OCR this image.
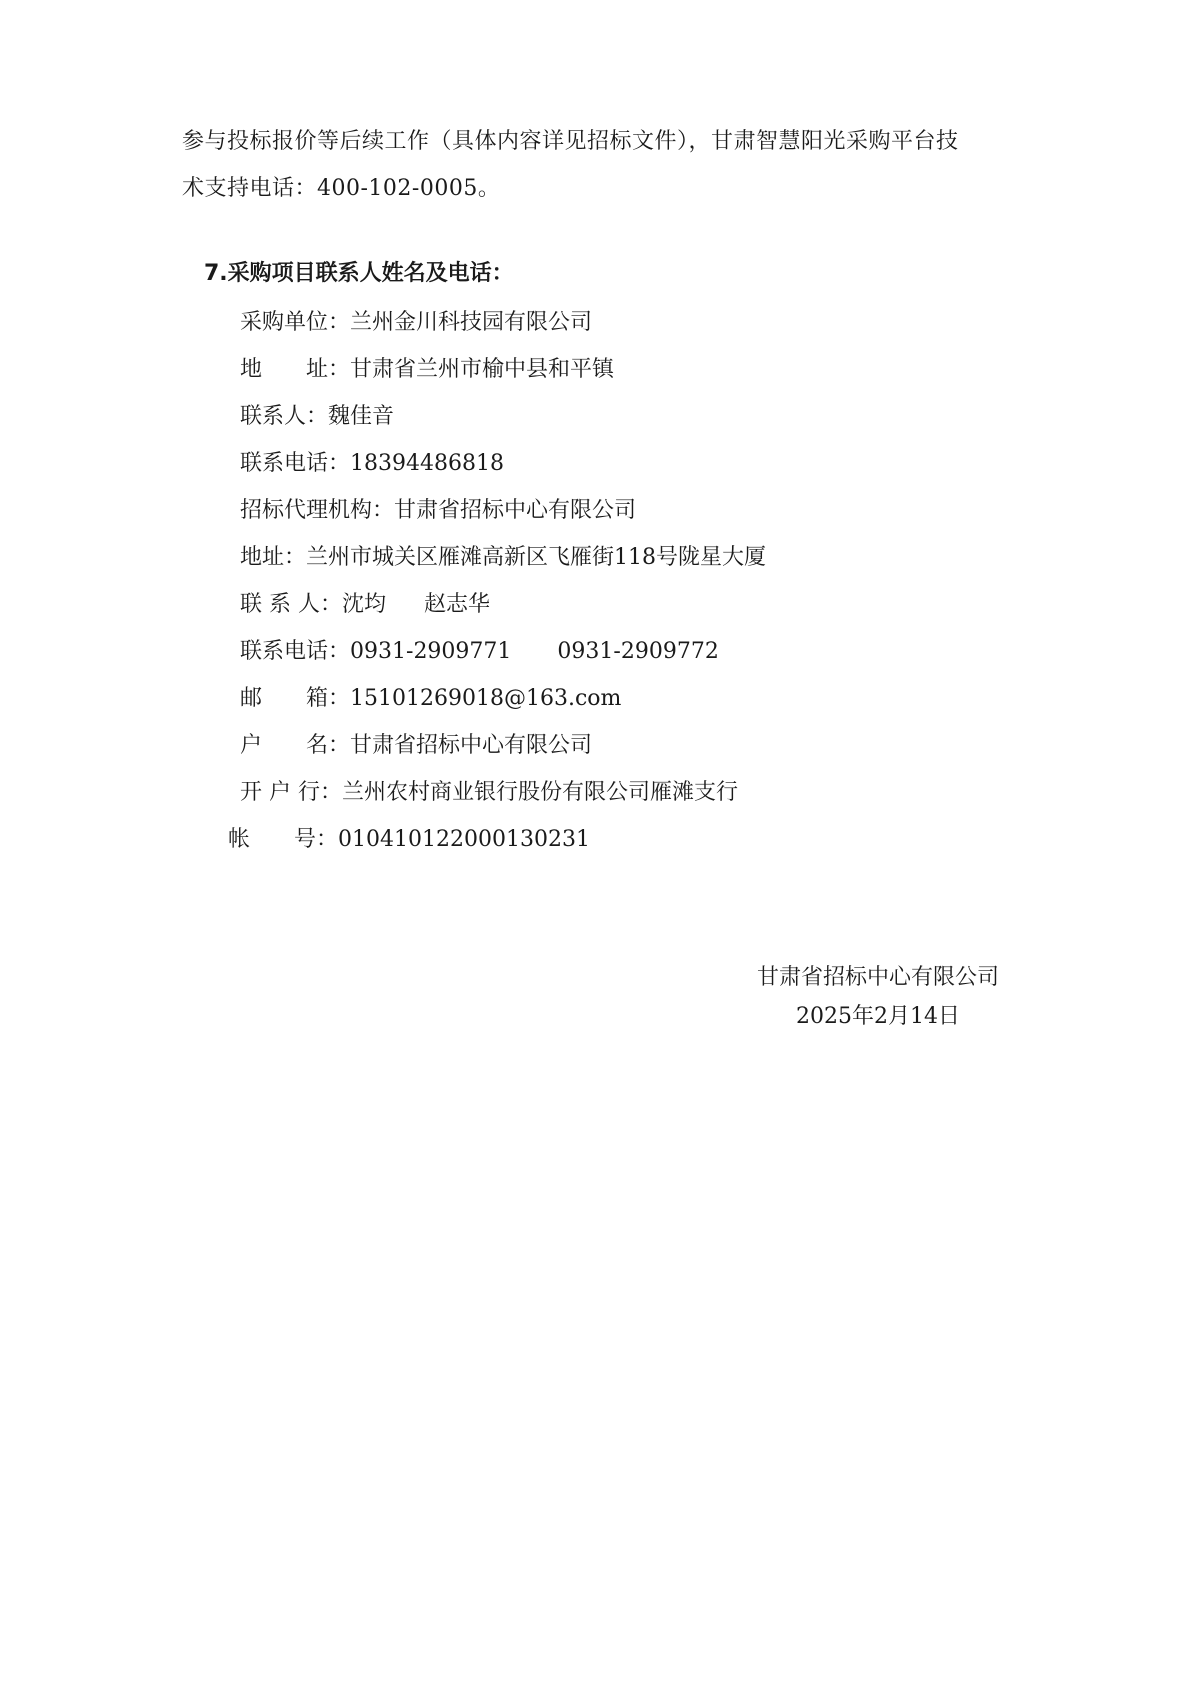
参与投标报价等后续工作（具体内容详见招标文件），甘肃智慧阳光采购平台技
术支持电话：400-102-0005。
7.采购项目联系人姓名及电话：
采购单位：兰州金川科技园有限公司
地　　址：甘肃省兰州市榆中县和平镇
联系人：魏佳音
联系电话：18394486818
招标代理机构：甘肃省招标中心有限公司
地址：兰州市城关区雁滩高新区飞雁街118号陇星大厦
联 系 人：沈均 赵志华
联系电话：0931-2909771 0931-2909772
邮　　箱：15101269018@163.com
户　　名：甘肃省招标中心有限公司
开 户 行：兰州农村商业银行股份有限公司雁滩支行
帐　　号：010410122000130231
甘肃省招标中心有限公司
2025年2月14日
